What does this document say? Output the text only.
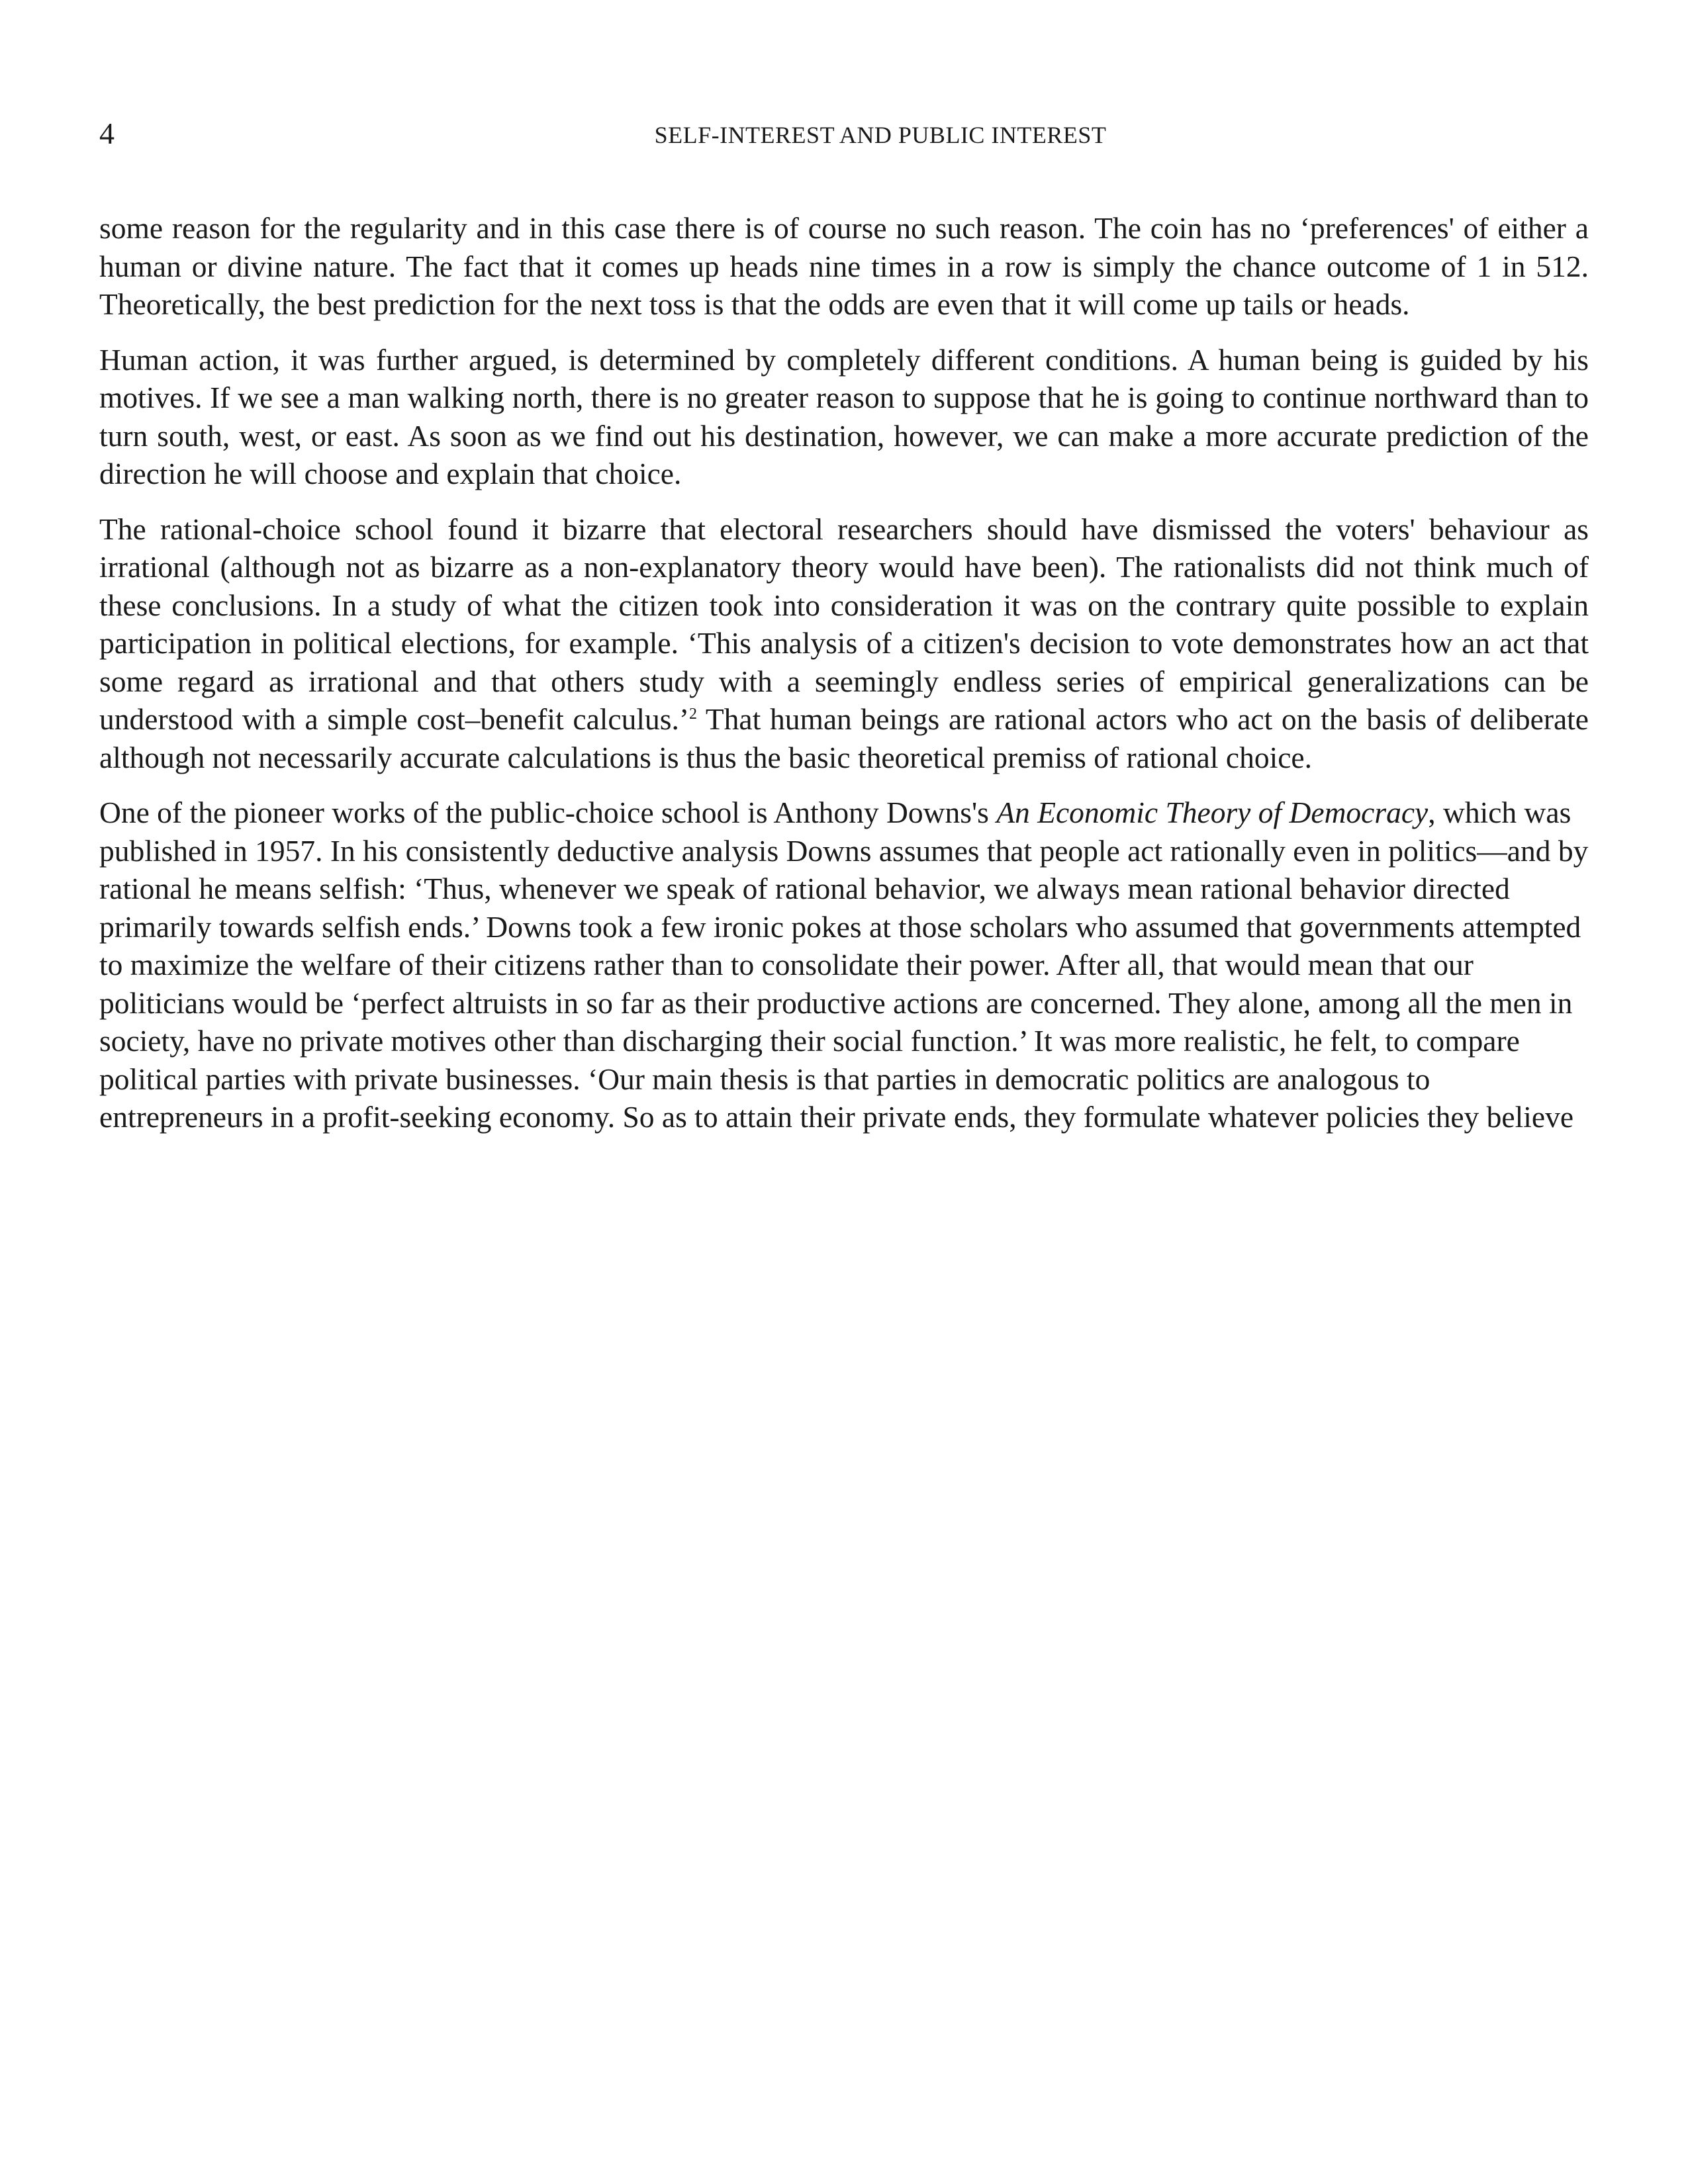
4	SELF-INTEREST AND PUBLIC INTEREST

some reason for the regularity and in this case there is of course no such reason. The coin has no ‘preferences' of either a human or divine nature. The fact that it comes up heads nine times in a row is simply the chance outcome of 1 in 512. Theoretically, the best prediction for the next toss is that the odds are even that it will come up tails or heads.

Human action, it was further argued, is determined by completely different conditions. A human being is guided by his motives. If we see a man walking north, there is no greater reason to suppose that he is going to continue northward than to turn south, west, or east. As soon as we find out his destination, however, we can make a more accurate prediction of the direction he will choose and explain that choice.

The rational-choice school found it bizarre that electoral researchers should have dismissed the voters' behaviour as irrational (although not as bizarre as a non-explanatory theory would have been). The rationalists did not think much of these conclusions. In a study of what the citizen took into consideration it was on the contrary quite possible to explain participation in political elections, for example. ‘This analysis of a citizen's decision to vote demonstrates how an act that some regard as irrational and that others study with a seemingly endless series of empirical generalizations can be understood with a simple cost–benefit calculus.’$^2$ That human beings are rational actors who act on the basis of deliberate although not necessarily accurate calculations is thus the basic theoretical premiss of rational choice.

One of the pioneer works of the public-choice school is Anthony Downs's An Economic Theory of Democracy, which was published in 1957. In his consistently deductive analysis Downs assumes that people act rationally even in politics—and by rational he means selfish: ‘Thus, whenever we speak of rational behavior, we always mean rational behavior directed primarily towards selfish ends.’ Downs took a few ironic pokes at those scholars who assumed that governments attempted to maximize the welfare of their citizens rather than to consolidate their power. After all, that would mean that our politicians would be ‘perfect altruists in so far as their productive actions are concerned. They alone, among all the men in society, have no private motives other than discharging their social function.’ It was more realistic, he felt, to compare political parties with private businesses. ‘Our main thesis is that parties in democratic politics are analogous to entrepreneurs in a profit-seeking economy. So as to attain their private ends, they formulate whatever policies they believe
